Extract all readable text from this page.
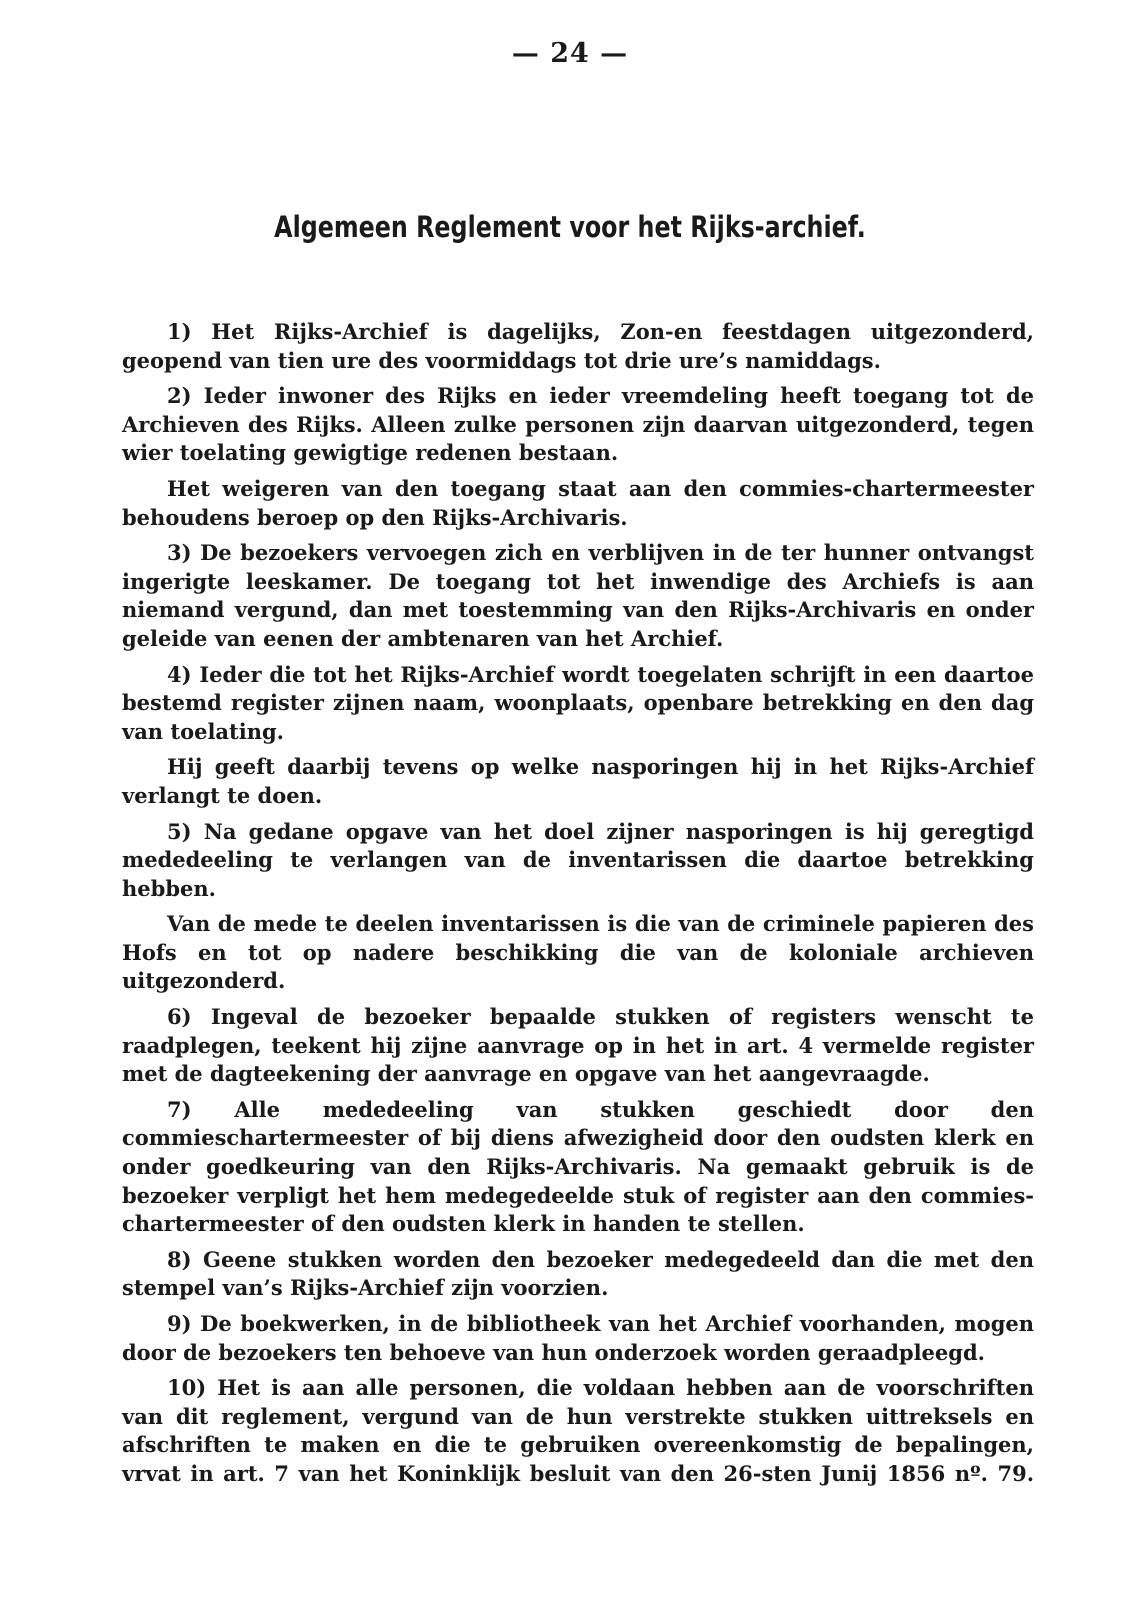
— 24 —
Algemeen Reglement voor het Rijks-archief.

1) Het Rijks-Archief is dagelijks, Zon-en feestdagen uitgezonderd, geopend van tien ure des voormiddags tot drie ure’s namiddags.

2) Ieder inwoner des Rijks en ieder vreemdeling heeft toegang tot de Archieven des Rijks. Alleen zulke personen zijn daarvan uitgezonderd, tegen wier toelating gewigtige redenen bestaan.

Het weigeren van den toegang staat aan den commies-chartermeester behoudens beroep op den Rijks-Archivaris.

3) De bezoekers vervoegen zich en verblijven in de ter hunner ontvangst ingerigte leeskamer. De toegang tot het inwendige des Archiefs is aan niemand vergund, dan met toestemming van den Rijks-Archivaris en onder geleide van eenen der ambtenaren van het Archief.

4) Ieder die tot het Rijks-Archief wordt toegelaten schrijft in een daartoe bestemd register zijnen naam, woonplaats, openbare betrekking en den dag van toelating.

Hij geeft daarbij tevens op welke nasporingen hij in het Rijks-Archief verlangt te doen.

5) Na gedane opgave van het doel zijner nasporingen is hij geregtigd mededeeling te verlangen van de inventarissen die daartoe betrekking hebben.

Van de mede te deelen inventarissen is die van de criminele papieren des Hofs en tot op nadere beschikking die van de koloniale archieven uitgezonderd.

6) Ingeval de bezoeker bepaalde stukken of registers wenscht te raadplegen, teekent hij zijne aanvrage op in het in art. 4 vermelde register met de dagteekening der aanvrage en opgave van het aangevraagde.

7) Alle mededeeling van stukken geschiedt door den commieschartermeester of bij diens afwezigheid door den oudsten klerk en onder goedkeuring van den Rijks-Archivaris. Na gemaakt gebruik is de bezoeker verpligt het hem medegedeelde stuk of register aan den commies-chartermeester of den oudsten klerk in handen te stellen.

8) Geene stukken worden den bezoeker medegedeeld dan die met den stempel van’s Rijks-Archief zijn voorzien.

9) De boekwerken, in de bibliotheek van het Archief voorhanden, mogen door de bezoekers ten behoeve van hun onderzoek worden geraadpleegd.

10) Het is aan alle personen, die voldaan hebben aan de voorschriften van dit reglement, vergund van de hun verstrekte stukken uittreksels en afschriften te maken en die te gebruiken overeenkomstig de bepalingen, vrvat in art. 7 van het Koninklijk besluit van den 26-sten Junij 1856 nº. 79.
